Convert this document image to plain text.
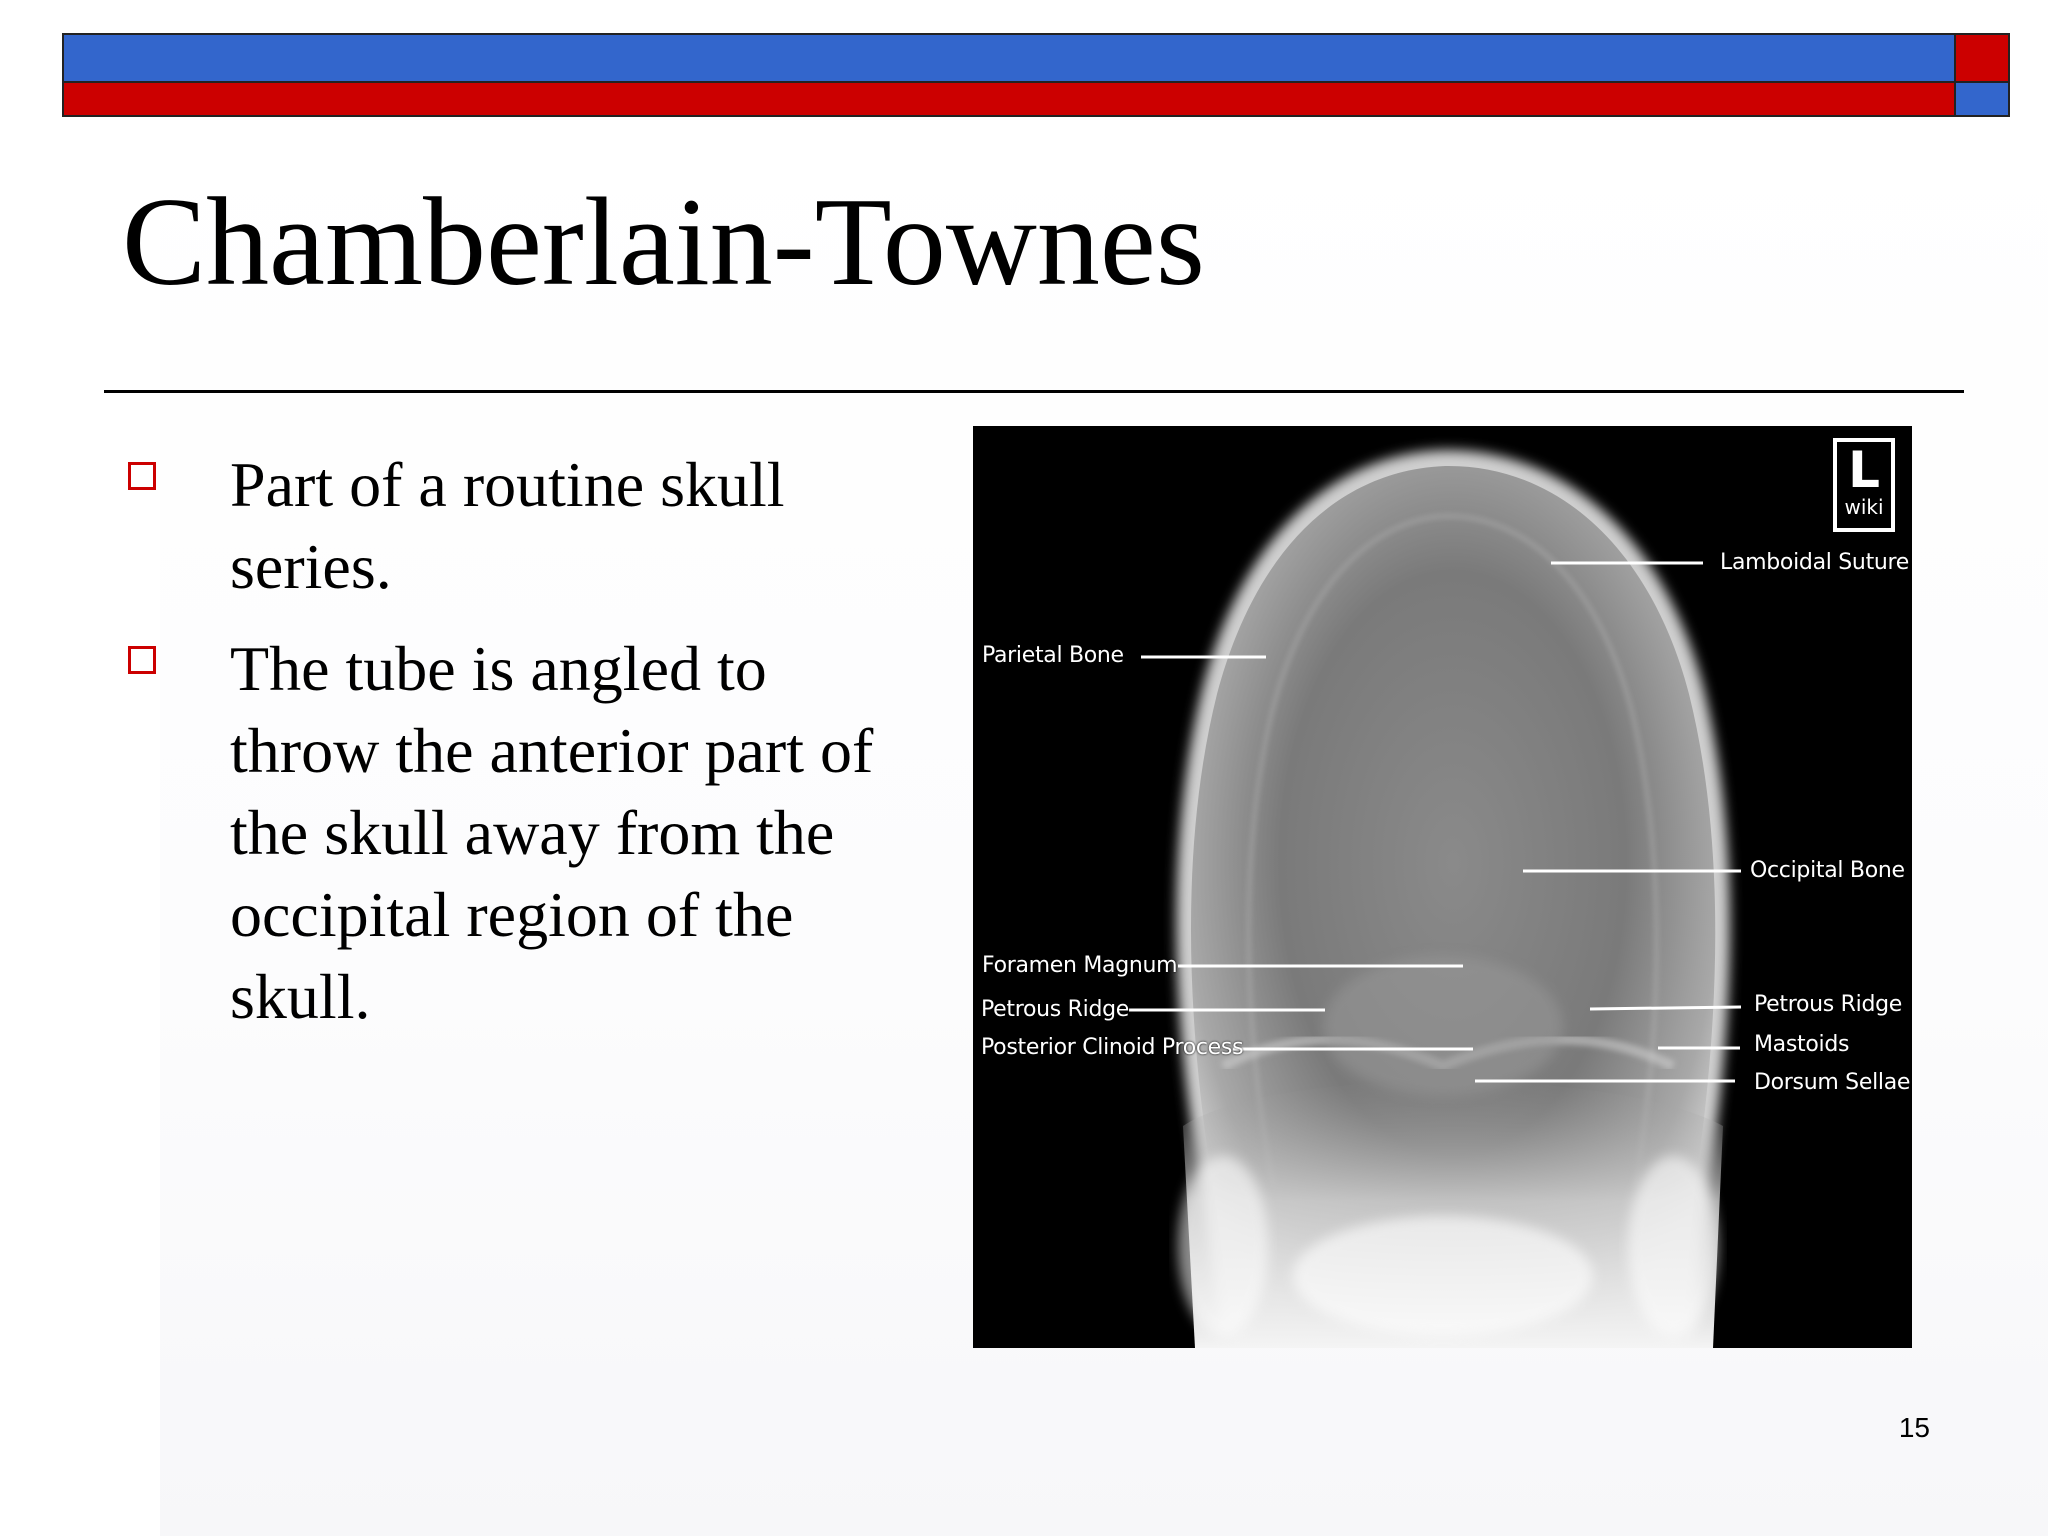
Chamberlain-Townes
Part of a routine skull series.
The tube is angled to throw the anterior part of the skull away from the occipital region of the skull.
L
wiki
Lamboidal Suture
Parietal Bone
Occipital Bone
Foramen Magnum
Petrous Ridge
Posterior Clinoid Process
Petrous Ridge
Mastoids
Dorsum Sellae
15
